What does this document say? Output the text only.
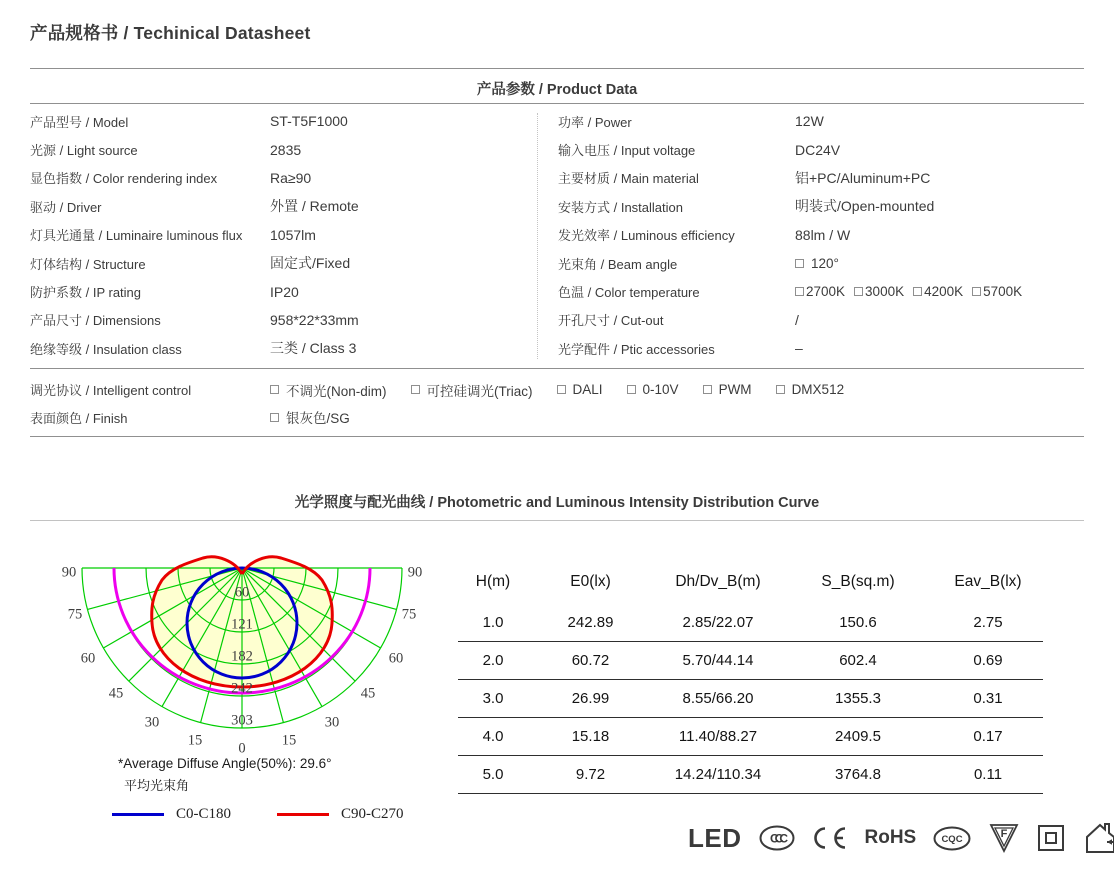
产品规格书 / Techinical Datasheet
产品参数 / Product Data
产品型号 / Model	ST-T5F1000
光源 / Light source	2835
显色指数 / Color rendering index	Ra≥90
驱动 / Driver	外置 / Remote
灯具光通量 / Luminaire luminous flux	1057lm
灯体结构 / Structure	固定式/Fixed
防护系数 / IP rating	IP20
产品尺寸 / Dimensions	958*22*33mm
绝缘等级 / Insulation class	三类 / Class 3
功率 / Power	12W
输入电压 / Input voltage	DC24V
主要材质 / Main material	铝+PC/Aluminum+PC
安装方式 / Installation	明装式/Open-mounted
发光效率 / Luminous efficiency	88lm / W
光束角 / Beam angle	120°
色温 / Color temperature	2700K 3000K 4200K 5700K
开孔尺寸 / Cut-out	/
光学配件 / Ptic accessories	–
调光协议 / Intelligent control	不调光(Non-dim)	可控硅调光(Triac)	DALI	0-10V	PWM	DMX512
表面颜色 / Finish	银灰色/SG
光学照度与配光曲线 / Photometric and Luminous Intensity Distribution Curve
60
121
182
242
303
0
15	15
30	30
45	45
60	60
75	75
90	90
*Average Diffuse Angle(50%): 29.6°
平均光束角
C0-C180	C90-C270
H(m)	E0(lx)	Dh/Dv_B(m)	S_B(sq.m)	Eav_B(lx)
1.0	242.89	2.85/22.07	150.6	2.75
2.0	60.72	5.70/44.14	602.4	0.69
3.0	26.99	8.55/66.20	1355.3	0.31
4.0	15.18	11.40/88.27	2409.5	0.17
5.0	9.72	14.24/110.34	3764.8	0.11
LED CCC	RoHS	CQC	F
